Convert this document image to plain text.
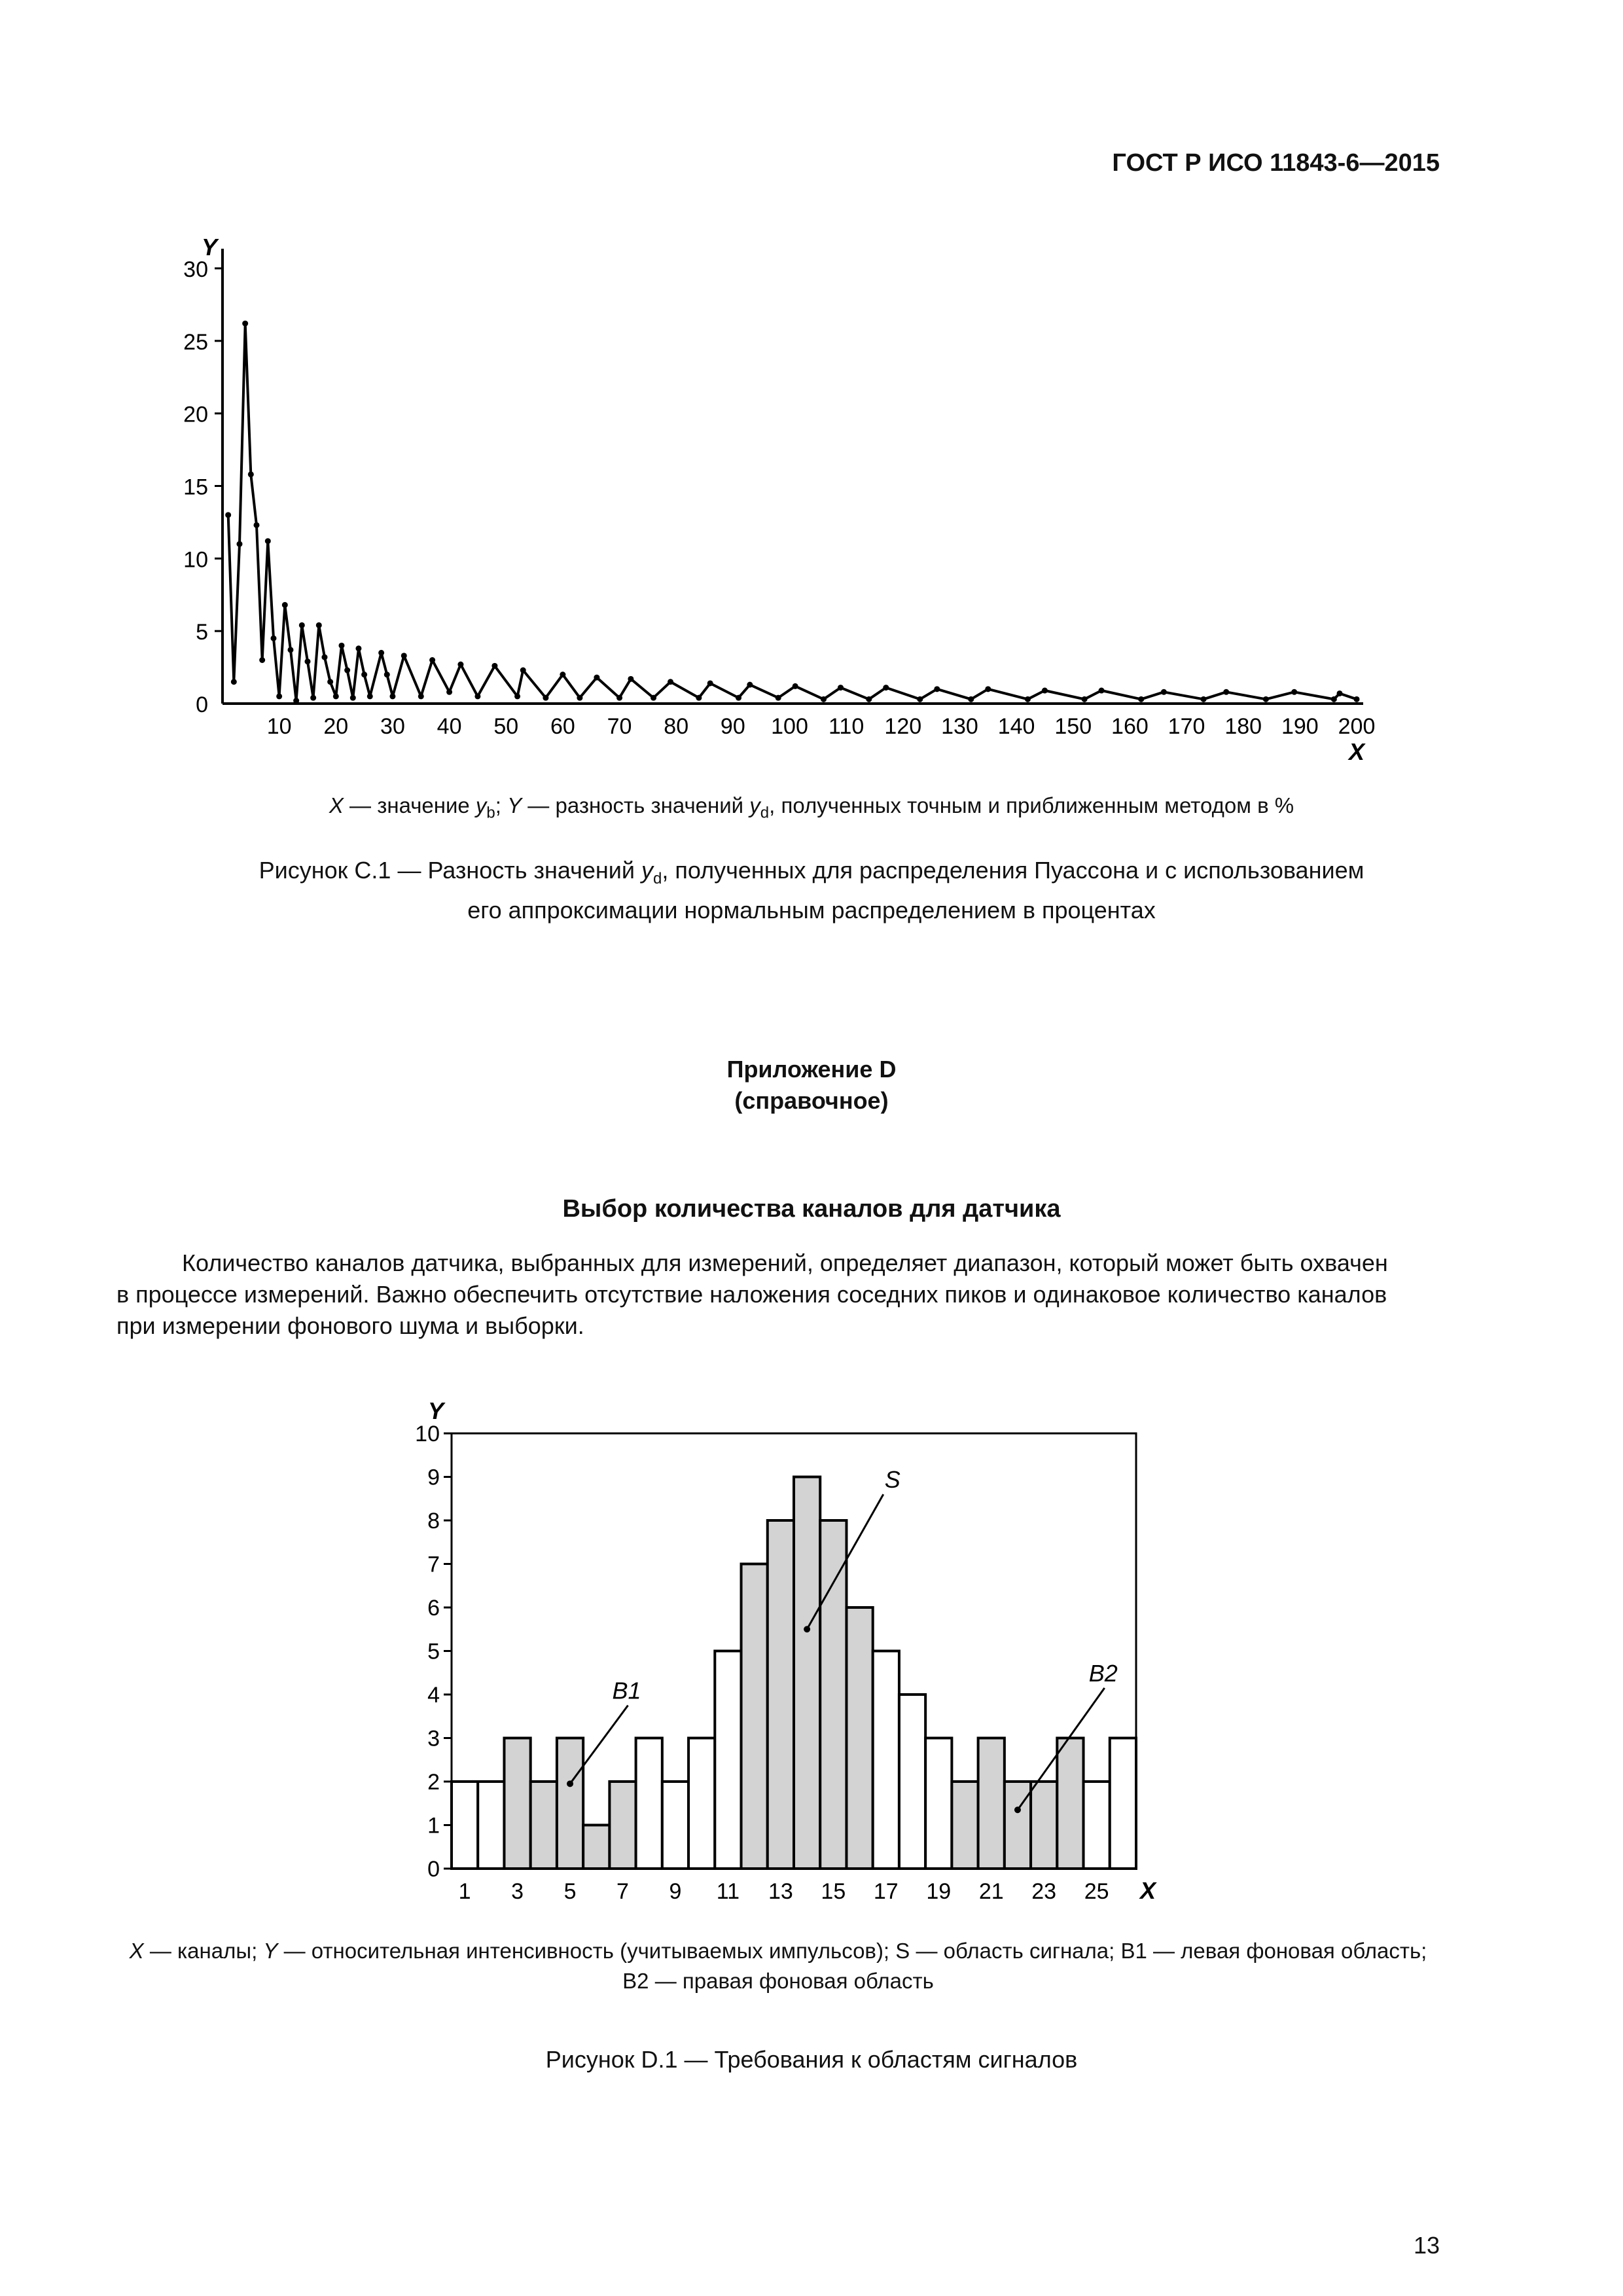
ГОСТ Р ИСО 11843-6—2015
Y
X
0
5
10
15
20
25
30
10 20 30 40 50 60 70 80 90 100 110 120 130 140 150 160 170 180 190 200
0
1
2
3
4
5
6
7
8
9
10
1 3 5 7 9 11 13 15 17 19 21 23 25
Y
X
B1
S
B2
X — значение $y_b$; Y — разность значений $y_d$, полученных точным и приближенным методом в %
Рисунок С.1 — Разность значений $y_d$, полученных для распределения Пуассона и с использованием
его аппроксимации нормальным распределением в процентах
Приложение D
(справочное)
Выбор количества каналов для датчика
Количество каналов датчика, выбранных для измерений, определяет диапазон, который может быть охвачен
в процессе измерений. Важно обеспечить отсутствие наложения соседних пиков и одинаковое количество каналов
при измерении фонового шума и выборки.
X — каналы; Y — относительная интенсивность (учитываемых импульсов); S — область сигнала; B1 — левая фоновая область;
B2 — правая фоновая область
Рисунок D.1 — Требования к областям сигналов
13
